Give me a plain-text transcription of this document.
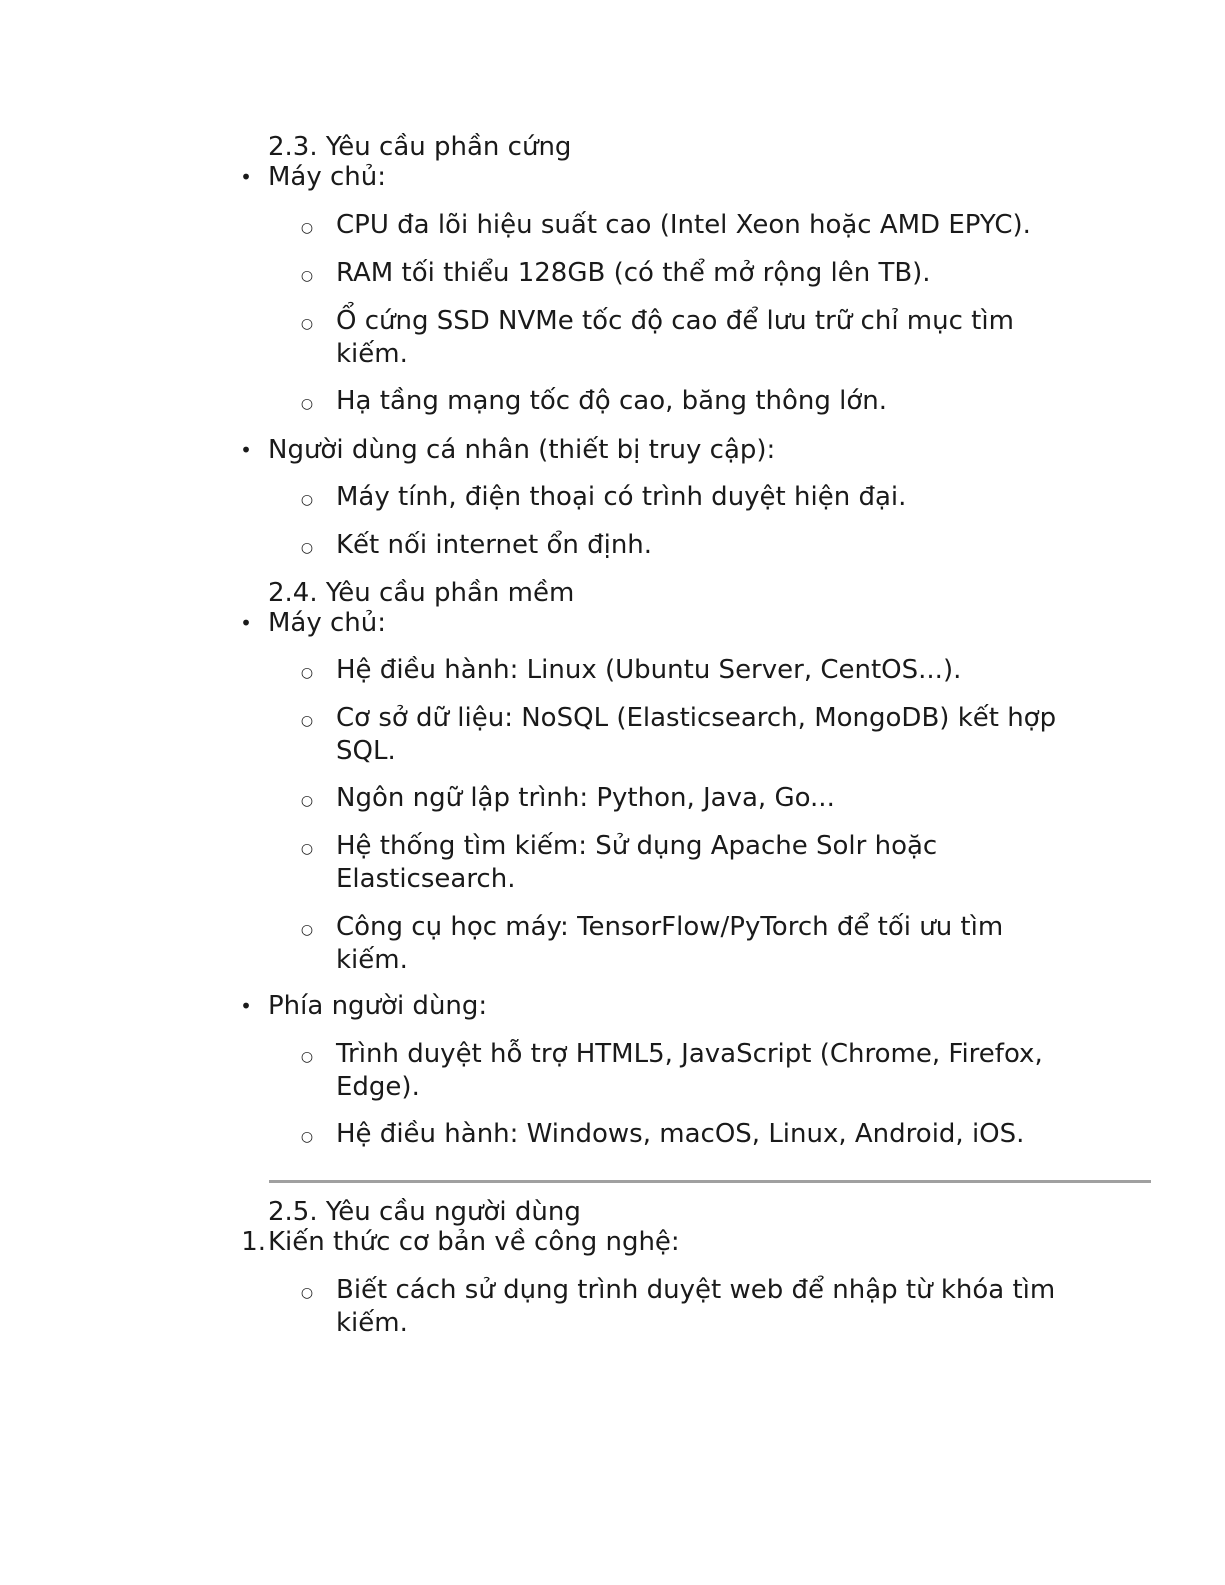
2.3. Yêu cầu phần cứng
• Máy chủ:
○ CPU đa lõi hiệu suất cao (Intel Xeon hoặc AMD EPYC).
○ RAM tối thiểu 128GB (có thể mở rộng lên TB).
○ Ổ cứng SSD NVMe tốc độ cao để lưu trữ chỉ mục tìm kiếm.
○ Hạ tầng mạng tốc độ cao, băng thông lớn.
• Người dùng cá nhân (thiết bị truy cập):
○ Máy tính, điện thoại có trình duyệt hiện đại.
○ Kết nối internet ổn định.
2.4. Yêu cầu phần mềm
• Máy chủ:
○ Hệ điều hành: Linux (Ubuntu Server, CentOS...).
○ Cơ sở dữ liệu: NoSQL (Elasticsearch, MongoDB) kết hợp SQL.
○ Ngôn ngữ lập trình: Python, Java, Go...
○ Hệ thống tìm kiếm: Sử dụng Apache Solr hoặc Elasticsearch.
○ Công cụ học máy: TensorFlow/PyTorch để tối ưu tìm kiếm.
• Phía người dùng:
○ Trình duyệt hỗ trợ HTML5, JavaScript (Chrome, Firefox, Edge).
○ Hệ điều hành: Windows, macOS, Linux, Android, iOS.
2.5. Yêu cầu người dùng
1. Kiến thức cơ bản về công nghệ:
○ Biết cách sử dụng trình duyệt web để nhập từ khóa tìm kiếm.
